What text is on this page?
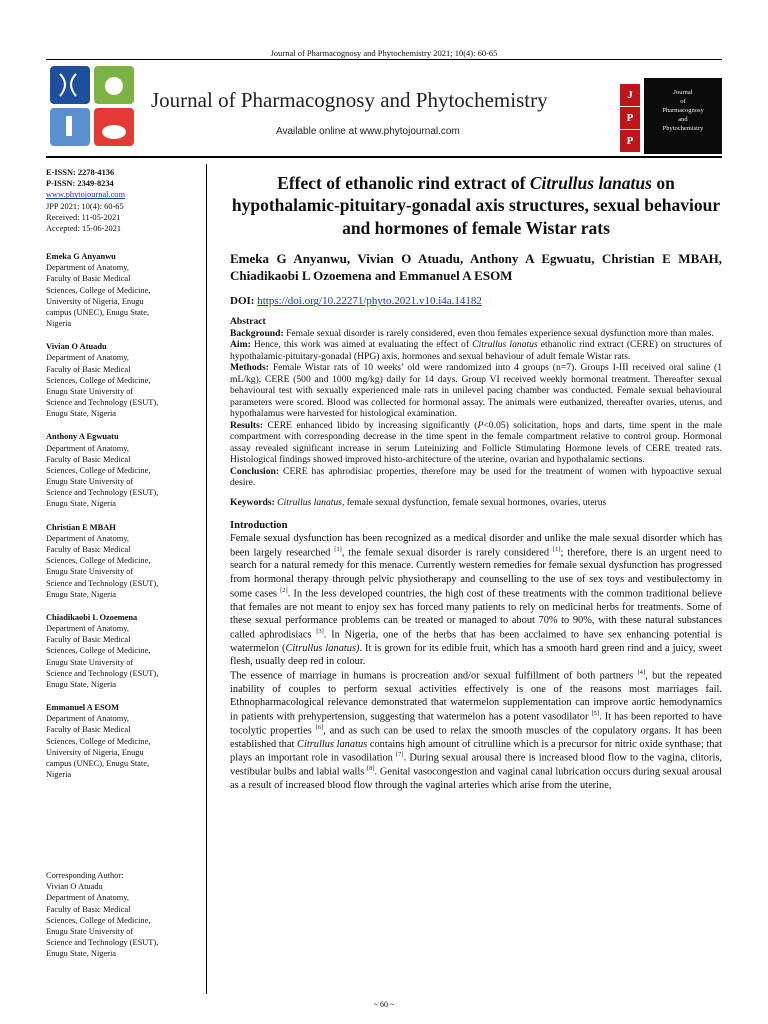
Journal of Pharmacognosy and Phytochemistry 2021; 10(4): 60-65
Journal of Pharmacognosy and Phytochemistry
Available online at www.phytojournal.com
J
P
P
Journal
of
Pharmacognosy
and
Phytochemistry

E-ISSN: 2278-4136

P-ISSN: 2349-8234

www.phytojournal.com

JPP 2021; 10(4): 60-65

Received: 11-05-2021

Accepted: 15-06-2021

Emeka G Anyanwu

Department of Anatomy,

Faculty of Basic Medical

Sciences, College of Medicine,

University of Nigeria, Enugu

campus (UNEC), Enugu State,

Nigeria

Vivian O Atuadu

Department of Anatomy,

Faculty of Basic Medical

Sciences, College of Medicine,

Enugu State University of

Science and Technology (ESUT),

Enugu State, Nigeria

Anthony A Egwuatu

Department of Anatomy,

Faculty of Basic Medical

Sciences, College of Medicine,

Enugu State University of

Science and Technology (ESUT),

Enugu State, Nigeria

Christian E MBAH

Department of Anatomy,

Faculty of Basic Medical

Sciences, College of Medicine,

Enugu State University of

Science and Technology (ESUT),

Enugu State, Nigeria

Chiadikaobi L Ozoemena

Department of Anatomy,

Faculty of Basic Medical

Sciences, College of Medicine,

Enugu State University of

Science and Technology (ESUT),

Enugu State, Nigeria

Emmanuel A ESOM

Department of Anatomy,

Faculty of Basic Medical

Sciences, College of Medicine,

University of Nigeria, Enugu

campus (UNEC), Enugu State,

Nigeria

Corresponding Author:

Vivian O Atuadu

Department of Anatomy,

Faculty of Basic Medical

Sciences, College of Medicine,

Enugu State University of

Science and Technology (ESUT),

Enugu State, Nigeria

Effect of ethanolic rind extract of Citrullus lanatus on hypothalamic-pituitary-gonadal axis structures, sexual behaviour and hormones of female Wistar rats

Emeka G Anyanwu, Vivian O Atuadu, Anthony A Egwuatu, Christian E MBAH, Chiadikaobi L Ozoemena and Emmanuel A ESOM

DOI: https://doi.org/10.22271/phyto.2021.v10.i4a.14182

Abstract

Background: Female sexual disorder is rarely considered, even thou females experience sexual dysfunction more than males.

Aim: Hence, this work was aimed at evaluating the effect of Citrullus lanatus ethanolic rind extract (CERE) on structures of hypothalamic-pituitary-gonadal (HPG) axis, hormones and sexual behaviour of adult female Wistar rats.

Methods: Female Wistar rats of 10 weeks’ old were randomized into 4 groups (n=7). Groups I-III received oral saline (1 mL/kg), CERE (500 and 1000 mg/kg) daily for 14 days. Group VI received weekly hormonal treatment. Thereafter sexual behavioural test with sexually experienced male rats in unilevel pacing chamber was conducted. Female sexual behavioural parameters were scored. Blood was collected for hormonal assay. The animals were euthanized, thereafter ovaries, uterus, and hypothalamus were harvested for histological examination.

Results: CERE enhanced libido by increasing significantly (P<0.05) solicitation, hops and darts, time spent in the male compartment with corresponding decrease in the time spent in the female compartment relative to control group. Hormonal assay revealed significant increase in serum Luteinizing and Follicle Stimulating Hormone levels of CERE treated rats. Histological findings showed improved histo-architecture of the uterine, ovarian and hypothalamic sections.

Conclusion: CERE has aphrodisiac properties, therefore may be used for the treatment of women with hypoactive sexual desire.

Keywords: Citrullus lanatus, female sexual dysfunction, female sexual hormones, ovaries, uterus

Introduction

Female sexual dysfunction has been recognized as a medical disorder and unlike the male sexual disorder which has been largely researched [1], the female sexual disorder is rarely considered [1]; therefore, there is an urgent need to search for a natural remedy for this menace. Currently western remedies for female sexual dysfunction has progressed from hormonal therapy through pelvic physiotherapy and counselling to the use of sex toys and vestibulectomy in some cases [2]. In the less developed countries, the high cost of these treatments with the common traditional believe that females are not meant to enjoy sex has forced many patients to rely on medicinal herbs for treatments. Some of these sexual performance problems can be treated or managed to about 70% to 90%, with these natural substances called aphrodisiacs [3]. In Nigeria, one of the herbs that has been acclaimed to have sex enhancing potential is watermelon (Citrullus lanatus). It is grown for its edible fruit, which has a smooth hard green rind and a juicy, sweet flesh, usually deep red in colour.

The essence of marriage in humans is procreation and/or sexual fulfillment of both partners [4], but the repeated inability of couples to perform sexual activities effectively is one of the reasons most marriages fail. Ethnopharmacological relevance demonstrated that watermelon supplementation can improve aortic hemodynamics in patients with prehypertension, suggesting that watermelon has a potent vasodilator [5]. It has been reported to have tocolytic properties [6], and as such can be used to relax the smooth muscles of the copulatory organs. It has been established that Citrullus lanatus contains high amount of citrulline which is a precursor for nitric oxide synthase; that plays an important role in vasodilation [7]. During sexual arousal there is increased blood flow to the vagina, clitoris, vestibular bulbs and labial walls [8]. Genital vasocongestion and vaginal canal lubrication occurs during sexual arousal as a result of increased blood flow through the vaginal arteries which arise from the uterine,

~ 60 ~
